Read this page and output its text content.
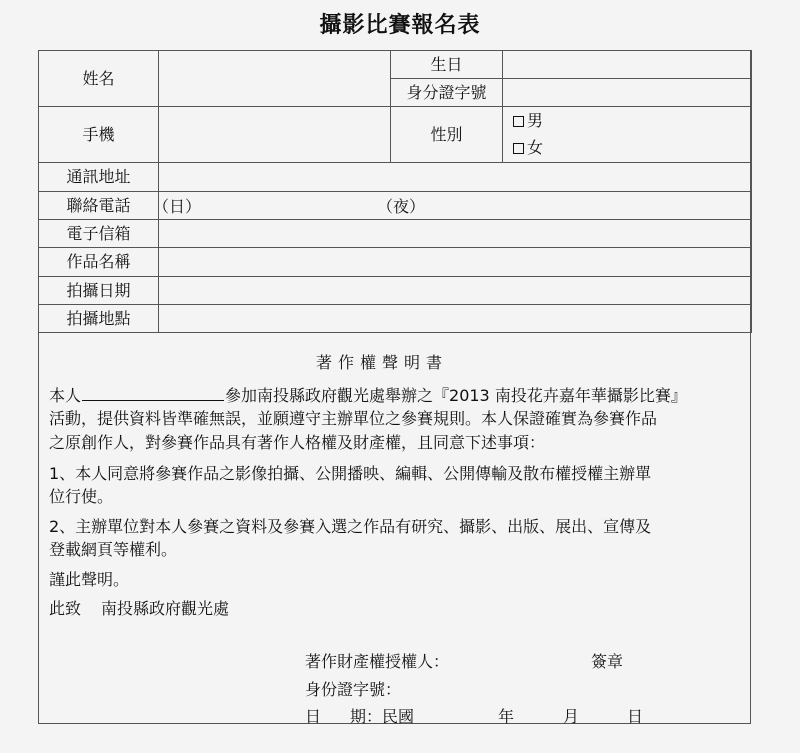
攝影比賽報名表
姓名		生日	
		身分證字號	
手機		性別	男
女

通訊地址			
聯絡電話	（日） （夜）		

電子信箱			
作品名稱			
拍攝日期			
拍攝地點			
著作權聲明書
本人	參加南投縣政府觀光處舉辦之『2013 南投花卉嘉年華攝影比賽』
活動，提供資料皆準確無誤，並願遵守主辦單位之參賽規則。本人保證確實為參賽作品
之原創作人，對參賽作品具有著作人格權及財產權，且同意下述事項：
1、本人同意將參賽作品之影像拍攝、公開播映、編輯、公開傳輸及散布權授權主辦單
位行使。
2、主辦單位對本人參賽之資料及參賽入選之作品有研究、攝影、出版、展出、宣傳及
登載網頁等權利。
謹此聲明。
此致 南投縣政府觀光處
著作財產權授權人：	簽章
身份證字號：
日 期：民國	年	月	日
